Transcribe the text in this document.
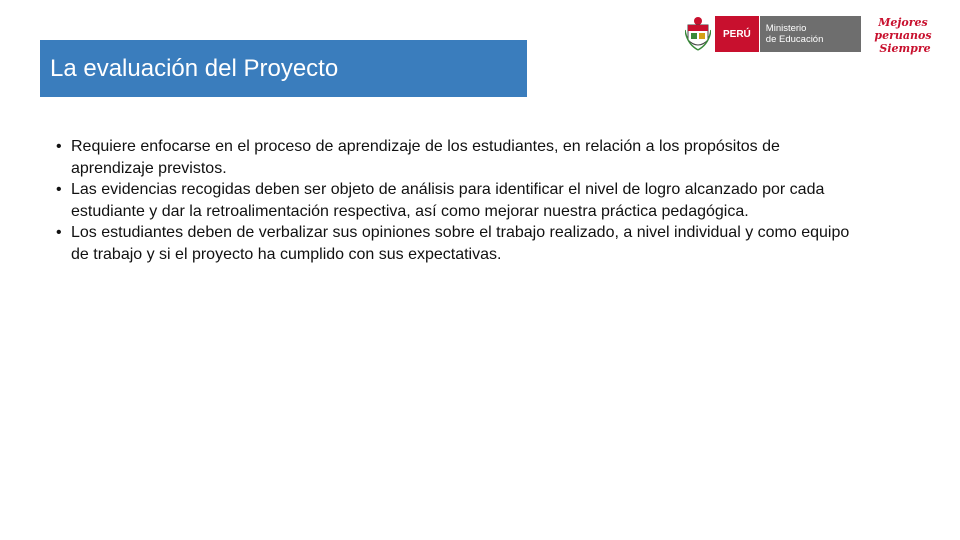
La evaluación del Proyecto
PERÚ Ministerio
de Educación
Mejores
peruanos
Siempre
• Requiere enfocarse en el proceso de aprendizaje de los estudiantes, en relación a los propósitos de aprendizaje previstos.
• Las evidencias recogidas deben ser objeto de análisis para identificar el nivel de logro alcanzado por cada estudiante y dar la retroalimentación respectiva, así como mejorar nuestra práctica pedagógica.
• Los estudiantes deben de verbalizar sus opiniones sobre el trabajo realizado, a nivel individual y como equipo de trabajo y si el proyecto ha cumplido con sus expectativas.
